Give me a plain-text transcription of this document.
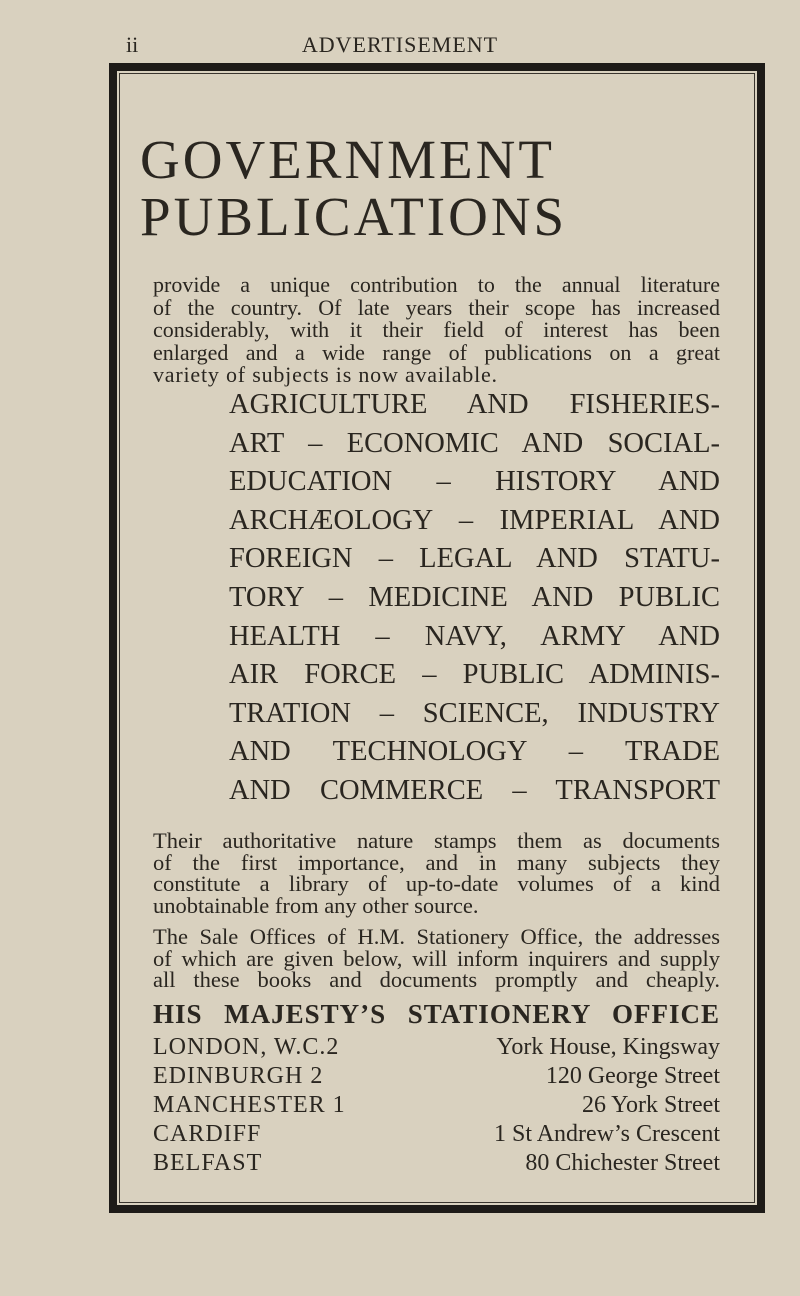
ii	ADVERTISEMENT
GOVERNMENT
PUBLICATIONS
provide a unique contribution to the annual literature
of the country. Of late years their scope has increased
considerably, with it their field of interest has been
enlarged and a wide range of publications on a great
variety of subjects is now available.
AGRICULTURE AND FISHERIES-
ART – ECONOMIC AND SOCIAL-
EDUCATION – HISTORY AND
ARCHÆOLOGY – IMPERIAL AND
FOREIGN – LEGAL AND STATU-
TORY – MEDICINE AND PUBLIC
HEALTH – NAVY, ARMY AND
AIR FORCE – PUBLIC ADMINIS-
TRATION – SCIENCE, INDUSTRY
AND TECHNOLOGY – TRADE
AND COMMERCE – TRANSPORT
Their authoritative nature stamps them as documents
of the first importance, and in many subjects they
constitute a library of up-to-date volumes of a kind
unobtainable from any other source.
The Sale Offices of H.M. Stationery Office, the addresses
of which are given below, will inform inquirers and supply
all these books and documents promptly and cheaply.
HIS MAJESTY’S STATIONERY OFFICE
LONDON, W.C.2	York House, Kingsway
EDINBURGH 2	120 George Street
MANCHESTER 1	26 York Street
CARDIFF	1 St Andrew’s Crescent
BELFAST	80 Chichester Street
